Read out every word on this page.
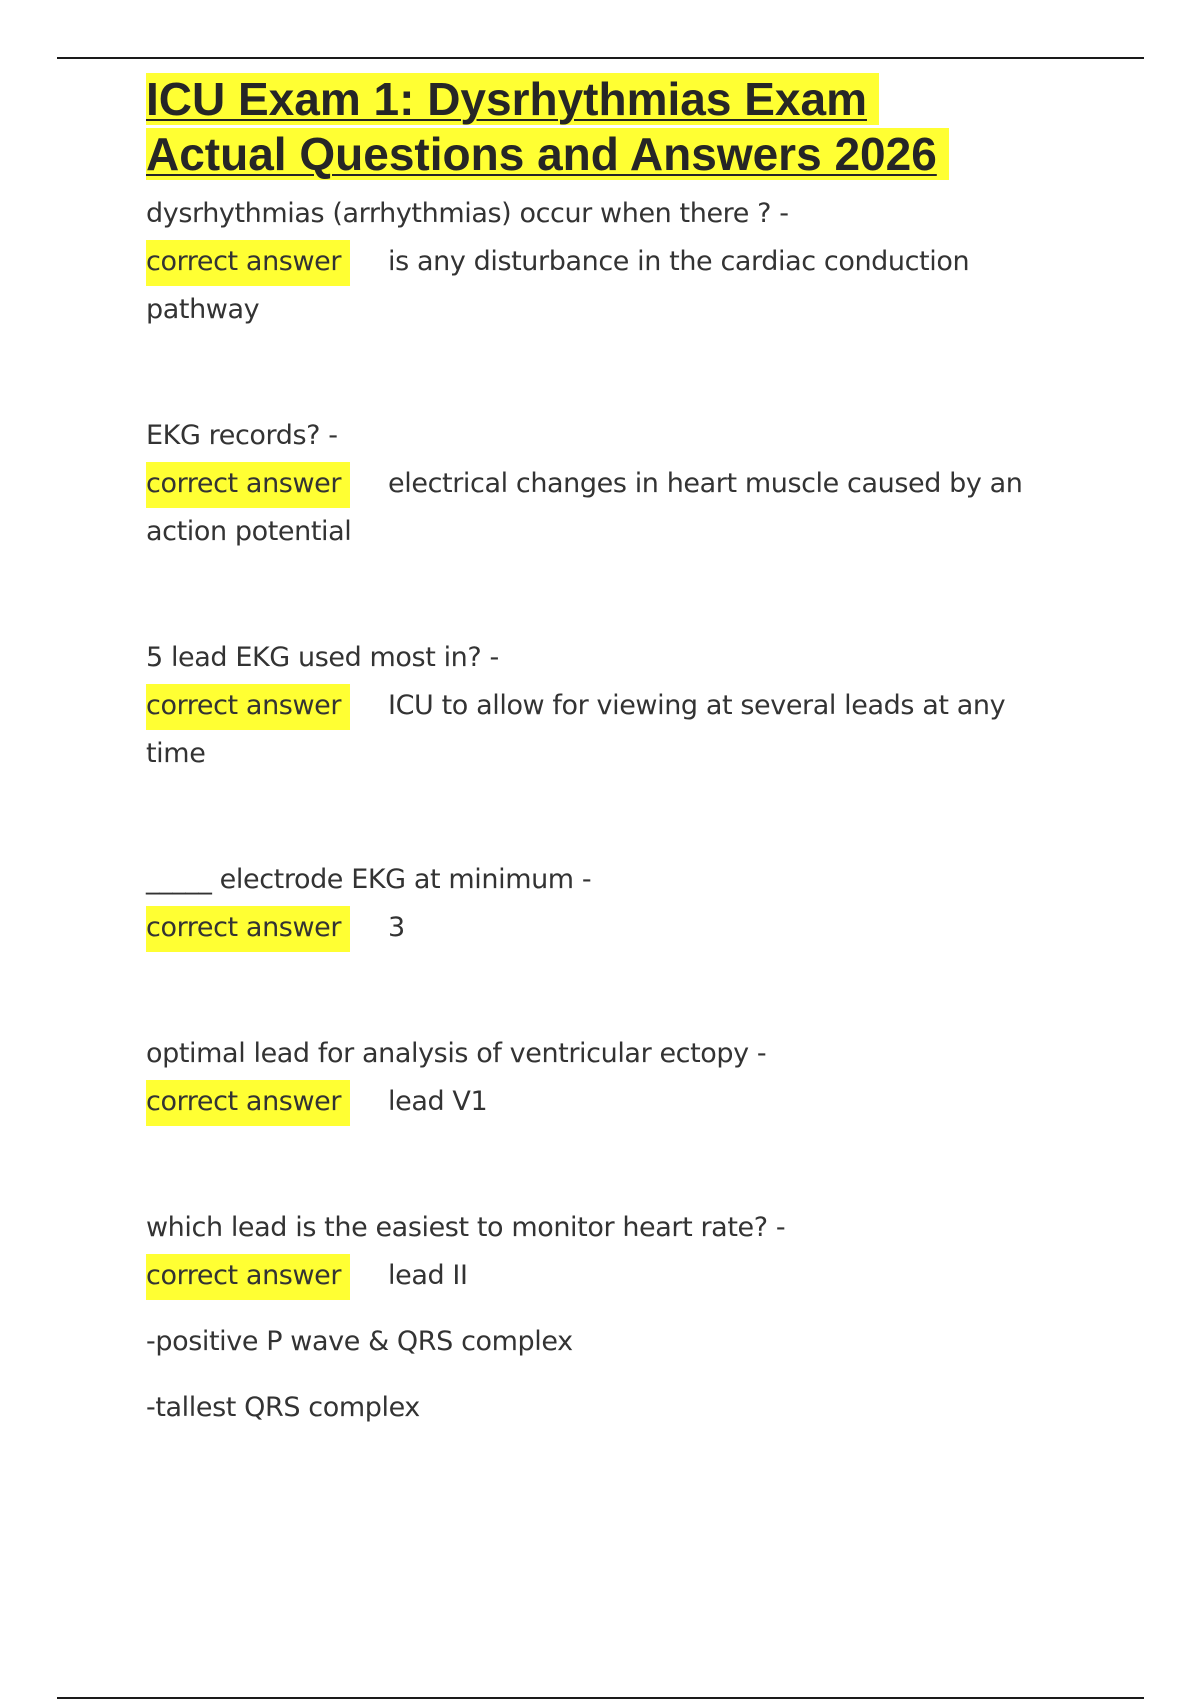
ICU Exam 1: Dysrhythmias Exam
Actual Questions and Answers 2026

dysrhythmias (arrhythmias) occur when there ? -

correct answer is any disturbance in the cardiac conduction

pathway

EKG records? -

correct answer electrical changes in heart muscle caused by an

action potential

5 lead EKG used most in? -

correct answer ICU to allow for viewing at several leads at any

time

_____ electrode EKG at minimum -

correct answer 3

optimal lead for analysis of ventricular ectopy -

correct answer lead V1

which lead is the easiest to monitor heart rate? -

correct answer lead II

-positive P wave & QRS complex

-tallest QRS complex
